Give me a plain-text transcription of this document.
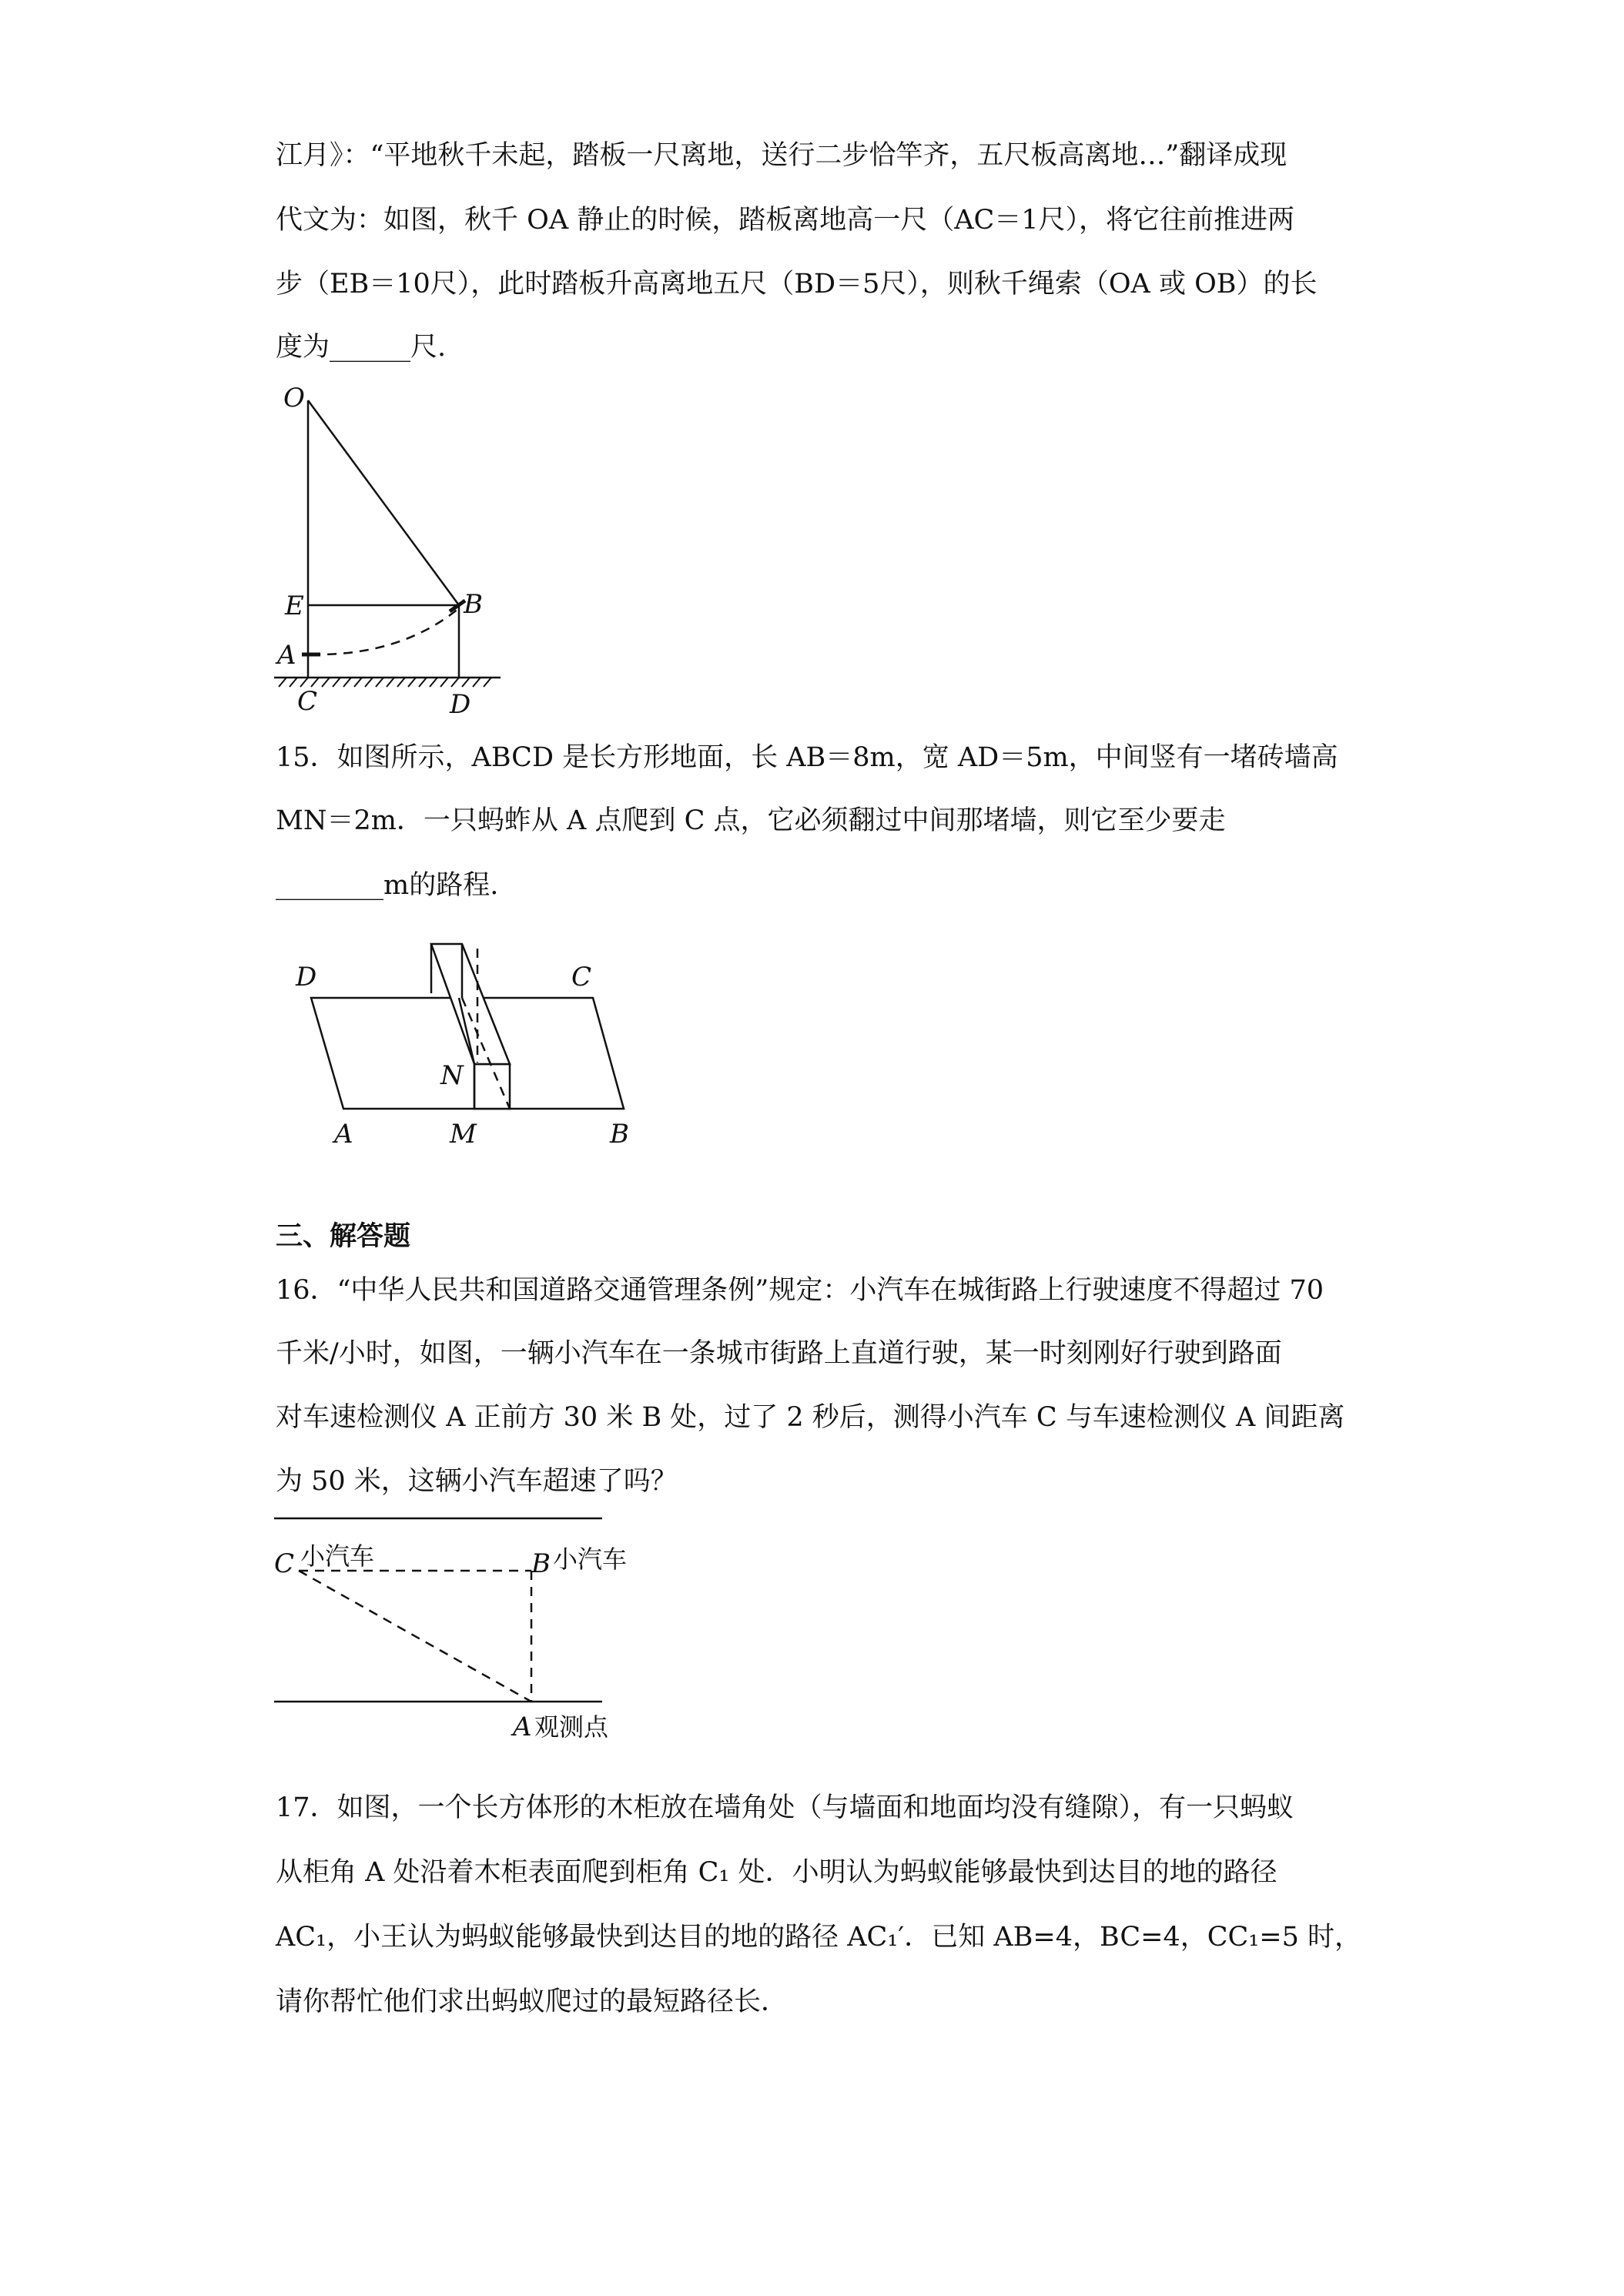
江月》：“平地秋千未起，踏板一尺离地，送行二步恰竿齐，五尺板高离地…”翻译成现
代文为：如图，秋千 OA 静止的时候，踏板离地高一尺（AC＝1尺），将它往前推进两
步（EB＝10尺），此时踏板升高离地五尺（BD＝5尺），则秋千绳索（OA 或 OB）的长
度为______尺.
O
E	B
A
C	D
15．如图所示，ABCD 是长方形地面，长 AB＝8m，宽 AD＝5m，中间竖有一堵砖墙高
MN＝2m．一只蚂蚱从 A 点爬到 C 点，它必须翻过中间那堵墙，则它至少要走
________m的路程.
D	C
N
A	M	B
三、解答题
16．“中华人民共和国道路交通管理条例”规定：小汽车在城街路上行驶速度不得超过 70
千米/小时，如图，一辆小汽车在一条城市街路上直道行驶，某一时刻刚好行驶到路面
对车速检测仪 A 正前方 30 米 B 处，过了 2 秒后，测得小汽车 C 与车速检测仪 A 间距离
为 50 米，这辆小汽车超速了吗？
C 小汽车	B 小汽车
A 观测点
17．如图，一个长方体形的木柜放在墙角处（与墙面和地面均没有缝隙），有一只蚂蚁
从柜角 A 处沿着木柜表面爬到柜角 C₁ 处．小明认为蚂蚁能够最快到达目的地的路径
AC₁，小王认为蚂蚁能够最快到达目的地的路径 AC₁′．已知 AB=4，BC=4，CC₁=5 时，
请你帮忙他们求出蚂蚁爬过的最短路径长．
